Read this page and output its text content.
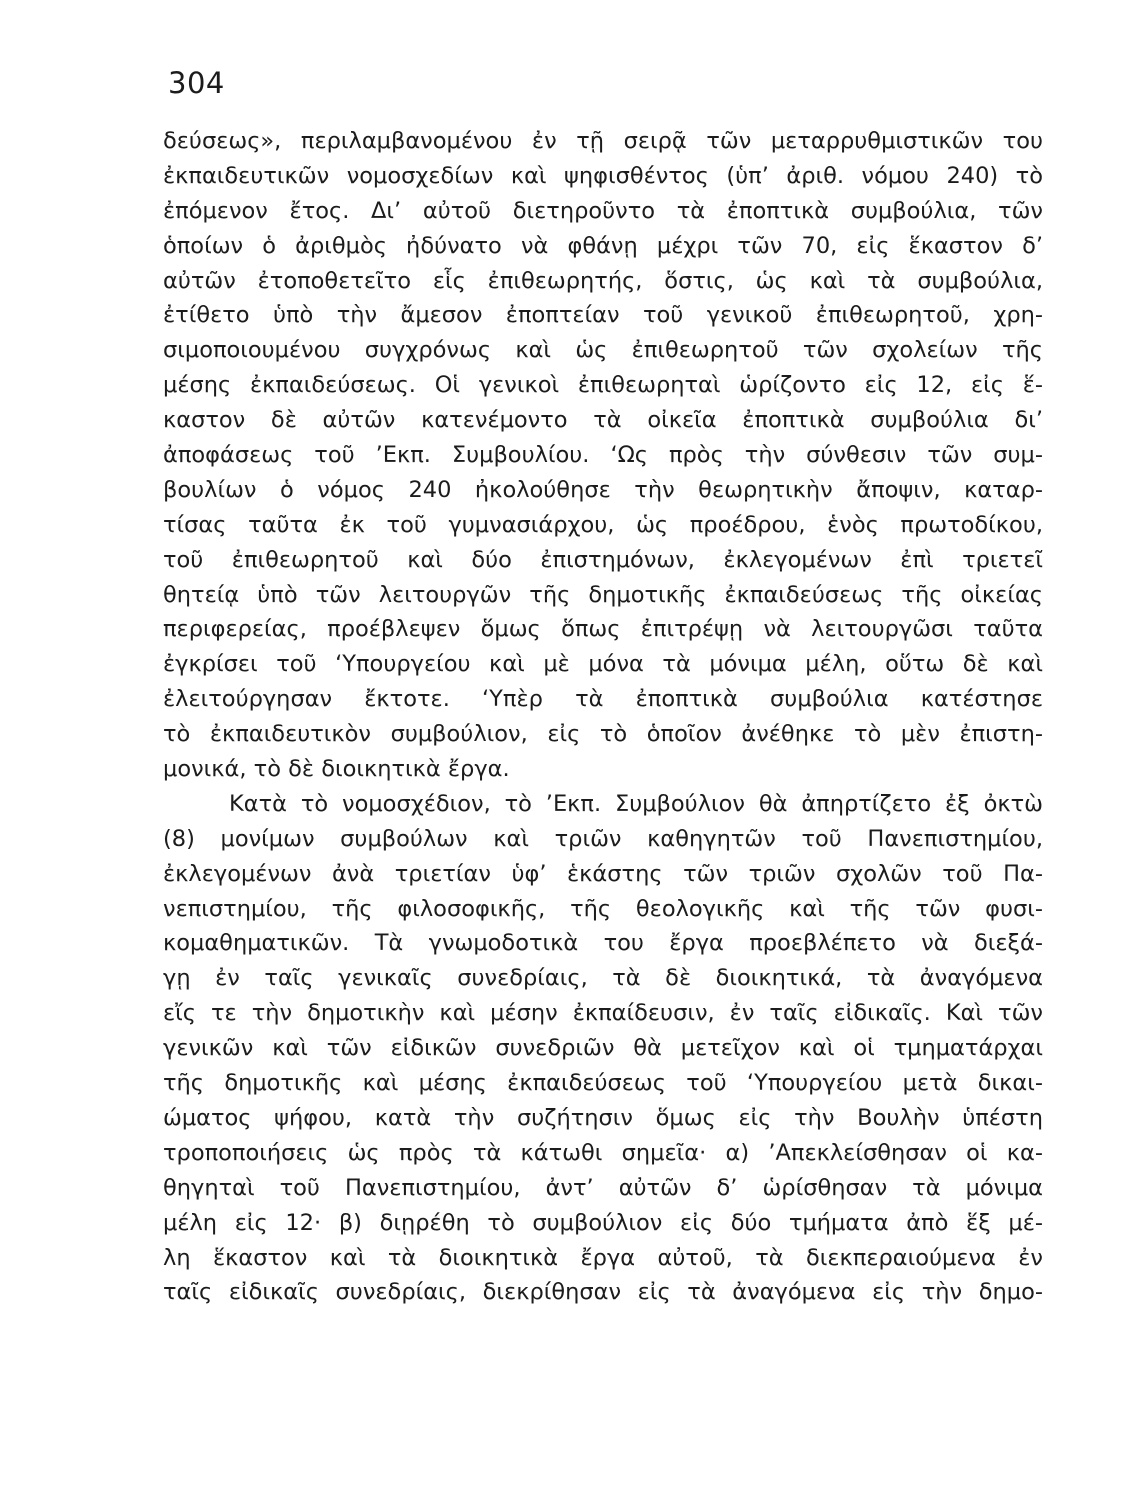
304
δεύσεως», περιλαμβανομένου ἐν τῇ σειρᾷ τῶν μεταρρυθμιστικῶν του
ἐκπαιδευτικῶν νομοσχεδίων καὶ ψηφισθέντος (ὑπ’ ἀριθ. νόμου 240) τὸ
ἐπόμενον ἔτος. Δι’ αὐτοῦ διετηροῦντο τὰ ἐποπτικὰ συμβούλια, τῶν
ὁποίων ὁ ἀριθμὸς ἠδύνατο νὰ φθάνῃ μέχρι τῶν 70, εἰς ἕκαστον δ’
αὐτῶν ἐτοποθετεῖτο εἷς ἐπιθεωρητής, ὅστις, ὡς καὶ τὰ συμβούλια,
ἐτίθετο ὑπὸ τὴν ἄμεσον ἐποπτείαν τοῦ γενικοῦ ἐπιθεωρητοῦ, χρη-
σιμοποιουμένου συγχρόνως καὶ ὡς ἐπιθεωρητοῦ τῶν σχολείων τῆς
μέσης ἐκπαιδεύσεως. Οἱ γενικοὶ ἐπιθεωρηταὶ ὡρίζοντο εἰς 12, εἰς ἕ-
καστον δὲ αὐτῶν κατενέμοντο τὰ οἰκεῖα ἐποπτικὰ συμβούλια δι’
ἀποφάσεως τοῦ ’Εκπ. Συμβουλίου. ‘Ως πρὸς τὴν σύνθεσιν τῶν συμ-
βουλίων ὁ νόμος 240 ἠκολούθησε τὴν θεωρητικὴν ἄποψιν, καταρ-
τίσας ταῦτα ἐκ τοῦ γυμνασιάρχου, ὡς προέδρου, ἑνὸς πρωτοδίκου,
τοῦ ἐπιθεωρητοῦ καὶ δύο ἐπιστημόνων, ἐκλεγομένων ἐπὶ τριετεῖ
θητείᾳ ὑπὸ τῶν λειτουργῶν τῆς δημοτικῆς ἐκπαιδεύσεως τῆς οἰκείας
περιφερείας, προέβλεψεν ὅμως ὅπως ἐπιτρέψῃ νὰ λειτουργῶσι ταῦτα
ἐγκρίσει τοῦ ‘Υπουργείου καὶ μὲ μόνα τὰ μόνιμα μέλη, οὕτω δὲ καὶ
ἐλειτούργησαν ἔκτοτε. ‘Υπὲρ τὰ ἐποπτικὰ συμβούλια κατέστησε
τὸ ἐκπαιδευτικὸν συμβούλιον, εἰς τὸ ὁποῖον ἀνέθηκε τὸ μὲν ἐπιστη-
μονικά, τὸ δὲ διοικητικὰ ἔργα.
Κατὰ τὸ νομοσχέδιον, τὸ ’Εκπ. Συμβούλιον θὰ ἀπηρτίζετο ἐξ ὀκτὼ
(8) μονίμων συμβούλων καὶ τριῶν καθηγητῶν τοῦ Πανεπιστημίου,
ἐκλεγομένων ἀνὰ τριετίαν ὑφ’ ἑκάστης τῶν τριῶν σχολῶν τοῦ Πα-
νεπιστημίου, τῆς φιλοσοφικῆς, τῆς θεολογικῆς καὶ τῆς τῶν φυσι-
κομαθηματικῶν. Τὰ γνωμοδοτικὰ του ἔργα προεβλέπετο νὰ διεξά-
γῃ ἐν ταῖς γενικαῖς συνεδρίαις, τὰ δὲ διοικητικά, τὰ ἀναγόμενα
εἴς τε τὴν δημοτικὴν καὶ μέσην ἐκπαίδευσιν, ἐν ταῖς εἰδικαῖς. Καὶ τῶν
γενικῶν καὶ τῶν εἰδικῶν συνεδριῶν θὰ μετεῖχον καὶ οἱ τμηματάρχαι
τῆς δημοτικῆς καὶ μέσης ἐκπαιδεύσεως τοῦ ‘Υπουργείου μετὰ δικαι-
ώματος ψήφου, κατὰ τὴν συζήτησιν ὅμως εἰς τὴν Βουλὴν ὑπέστη
τροποποιήσεις ὡς πρὸς τὰ κάτωθι σημεῖα· α) ’Απεκλείσθησαν οἱ κα-
θηγηταὶ τοῦ Πανεπιστημίου, ἀντ’ αὐτῶν δ’ ὡρίσθησαν τὰ μόνιμα
μέλη εἰς 12· β) διῃρέθη τὸ συμβούλιον εἰς δύο τμήματα ἀπὸ ἕξ μέ-
λη ἕκαστον καὶ τὰ διοικητικὰ ἔργα αὐτοῦ, τὰ διεκπεραιούμενα ἐν
ταῖς εἰδικαῖς συνεδρίαις, διεκρίθησαν εἰς τὰ ἀναγόμενα εἰς τὴν δημο-
